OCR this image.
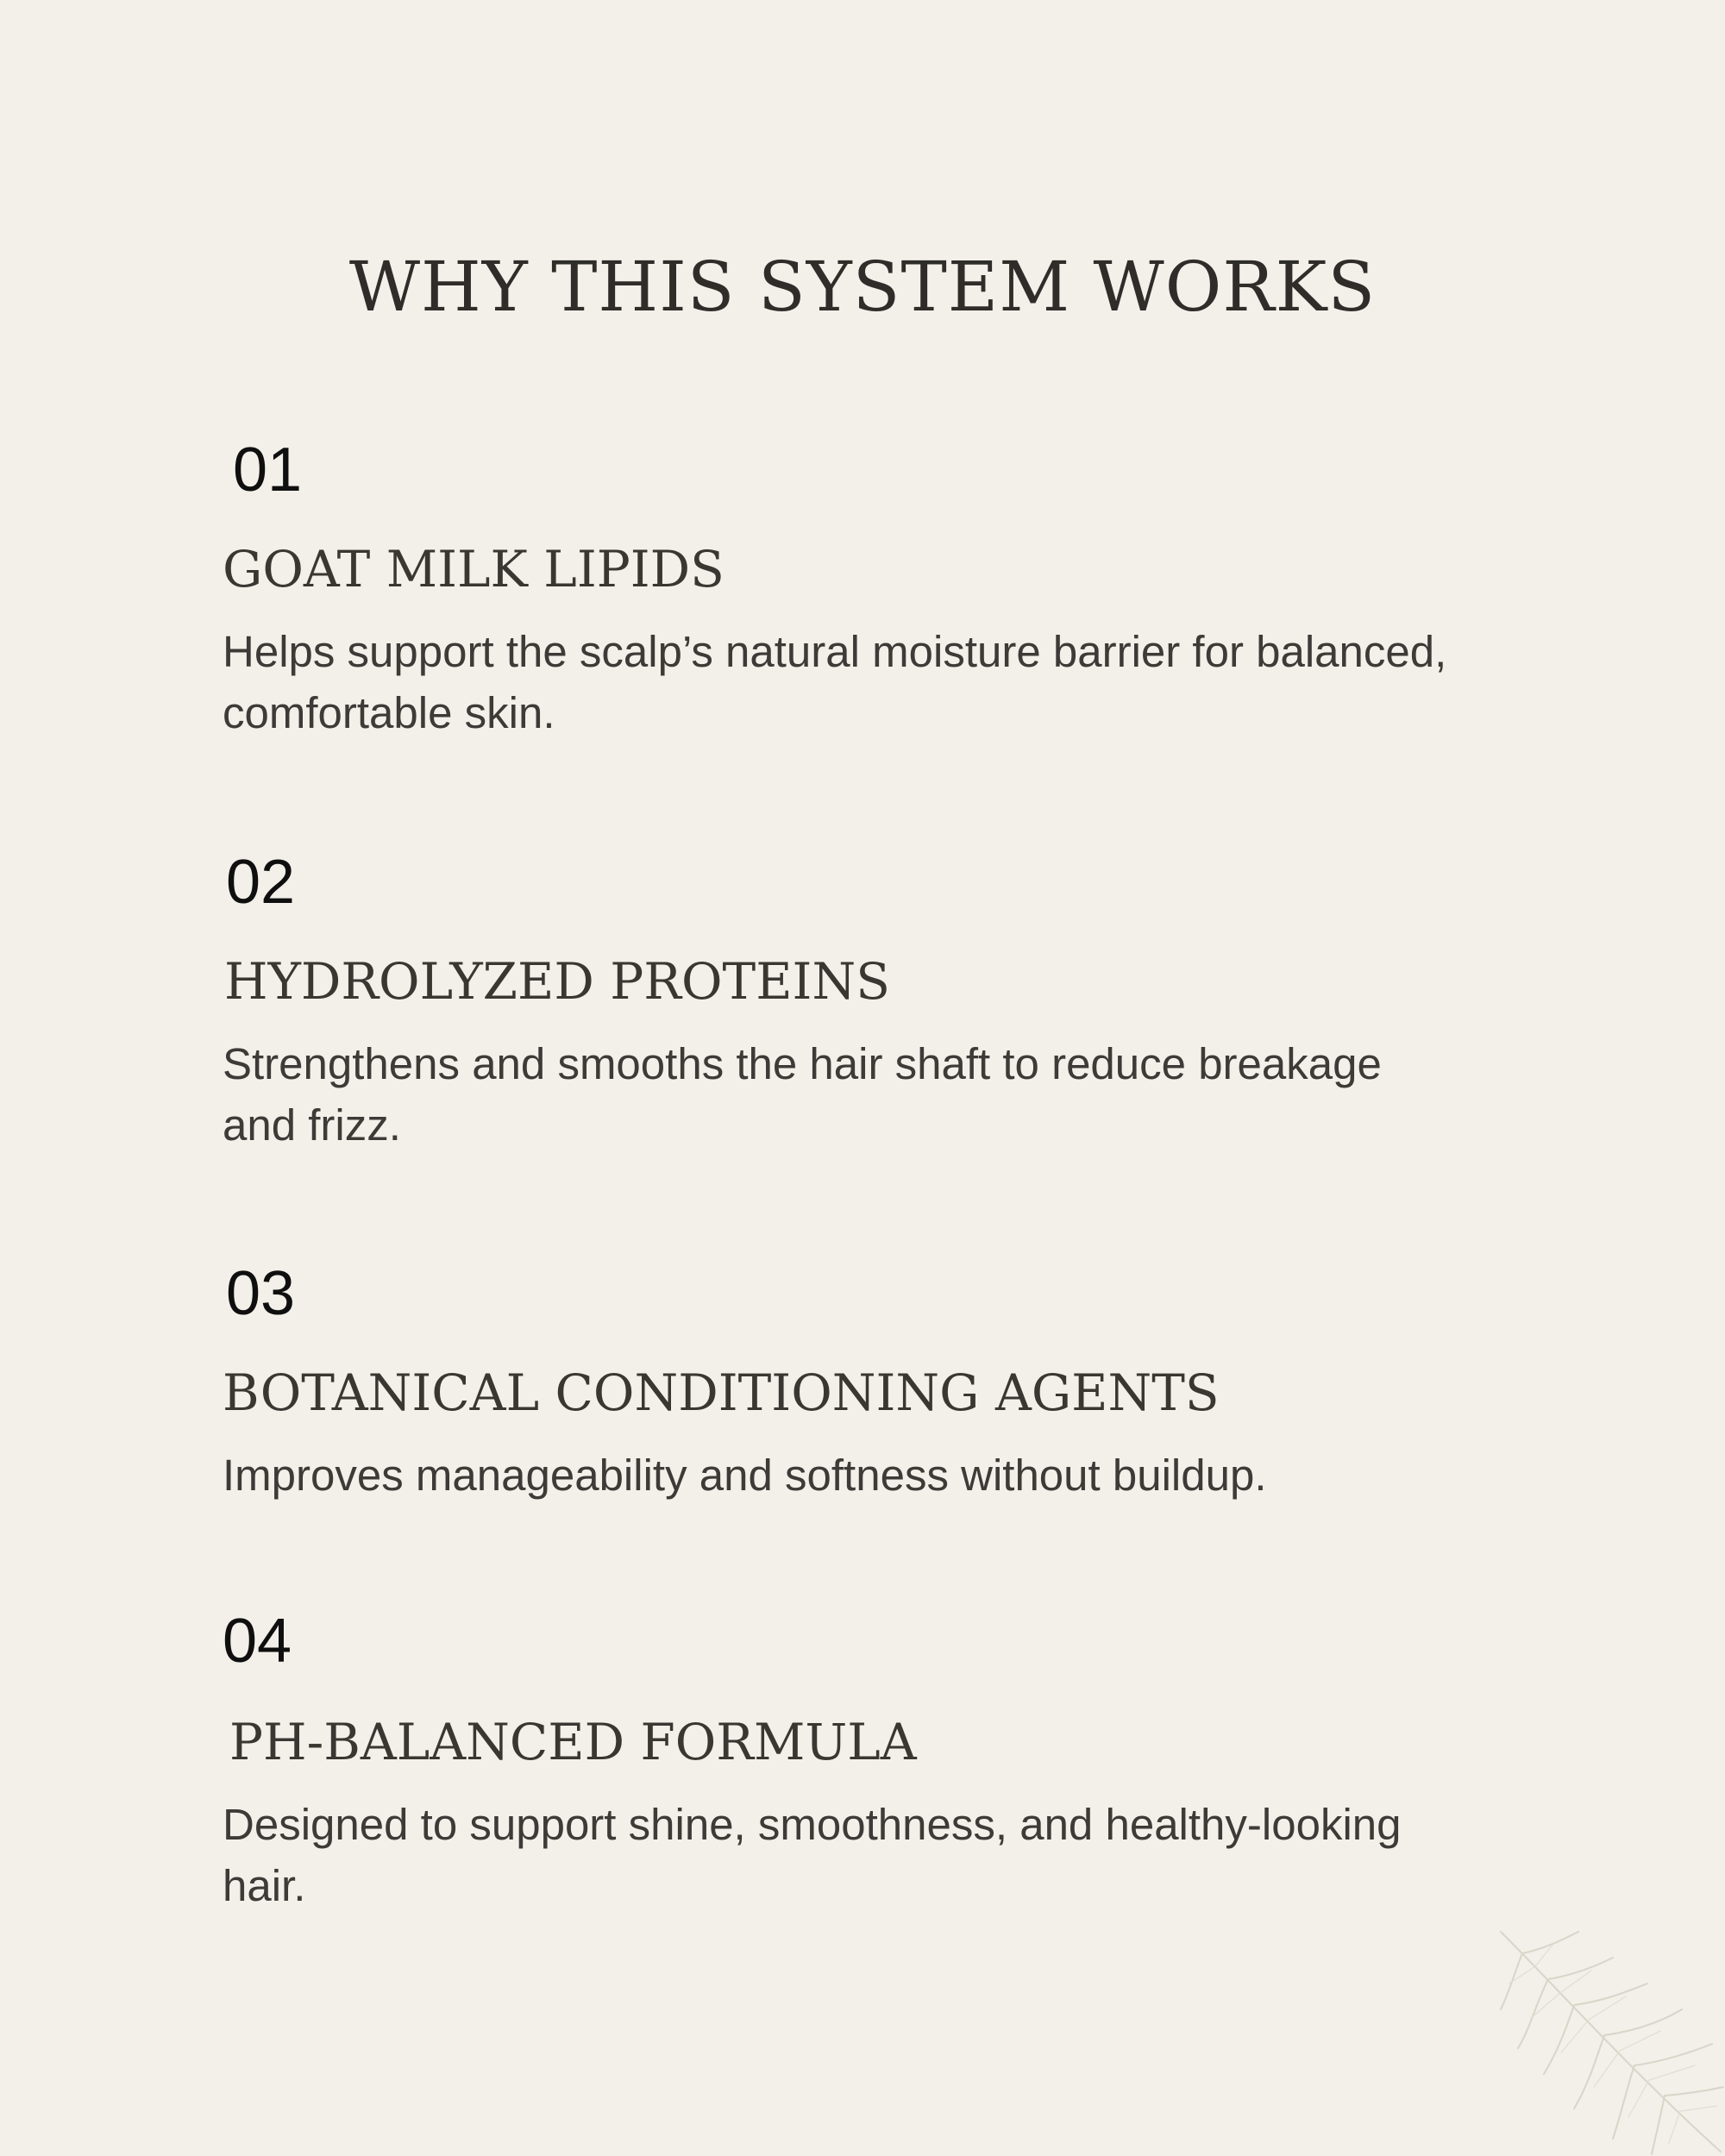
WHY THIS SYSTEM WORKS
01
GOAT MILK LIPIDS

Helps support the scalp’s natural moisture barrier for balanced, comfortable skin.

02
HYDROLYZED PROTEINS

Strengthens and smooths the hair shaft to reduce breakage and frizz.

03
BOTANICAL CONDITIONING AGENTS

Improves manageability and softness without buildup.

04
PH-BALANCED FORMULA

Designed to support shine, smoothness, and healthy-looking hair.
